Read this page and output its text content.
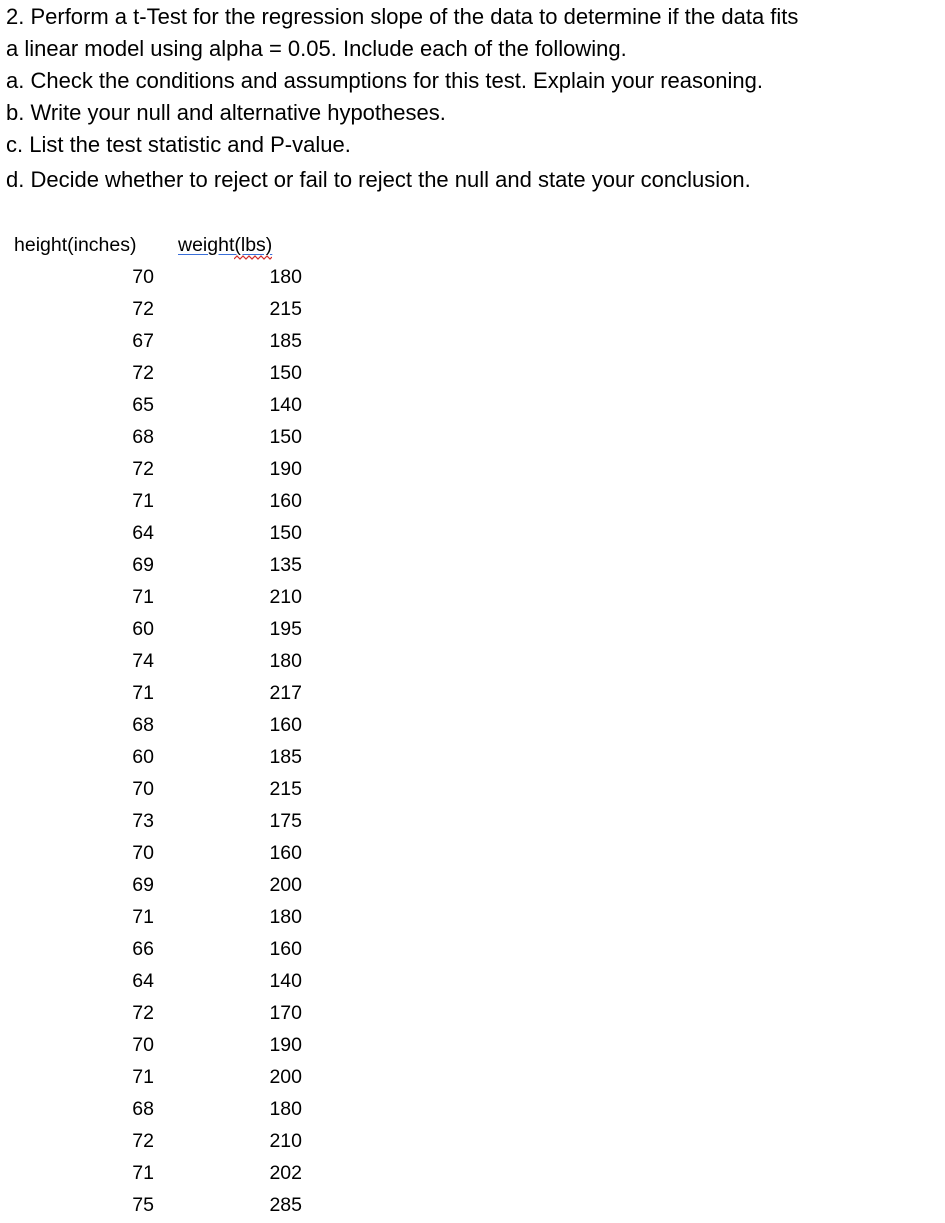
2. Perform a t-Test for the regression slope of the data to determine if the data fits
a linear model using alpha = 0.05. Include each of the following.
a. Check the conditions and assumptions for this test. Explain your reasoning.
b. Write your null and alternative hypotheses.
c. List the test statistic and P-value.
d. Decide whether to reject or fail to reject the null and state your conclusion.
height(inches)	weight(lbs)

70	180
72	215
67	185
72	150
65	140
68	150
72	190
71	160
64	150
69	135
71	210
60	195
74	180
71	217
68	160
60	185
70	215
73	175
70	160
69	200
71	180
66	160
64	140
72	170
70	190
71	200
68	180
72	210
71	202
75	285
